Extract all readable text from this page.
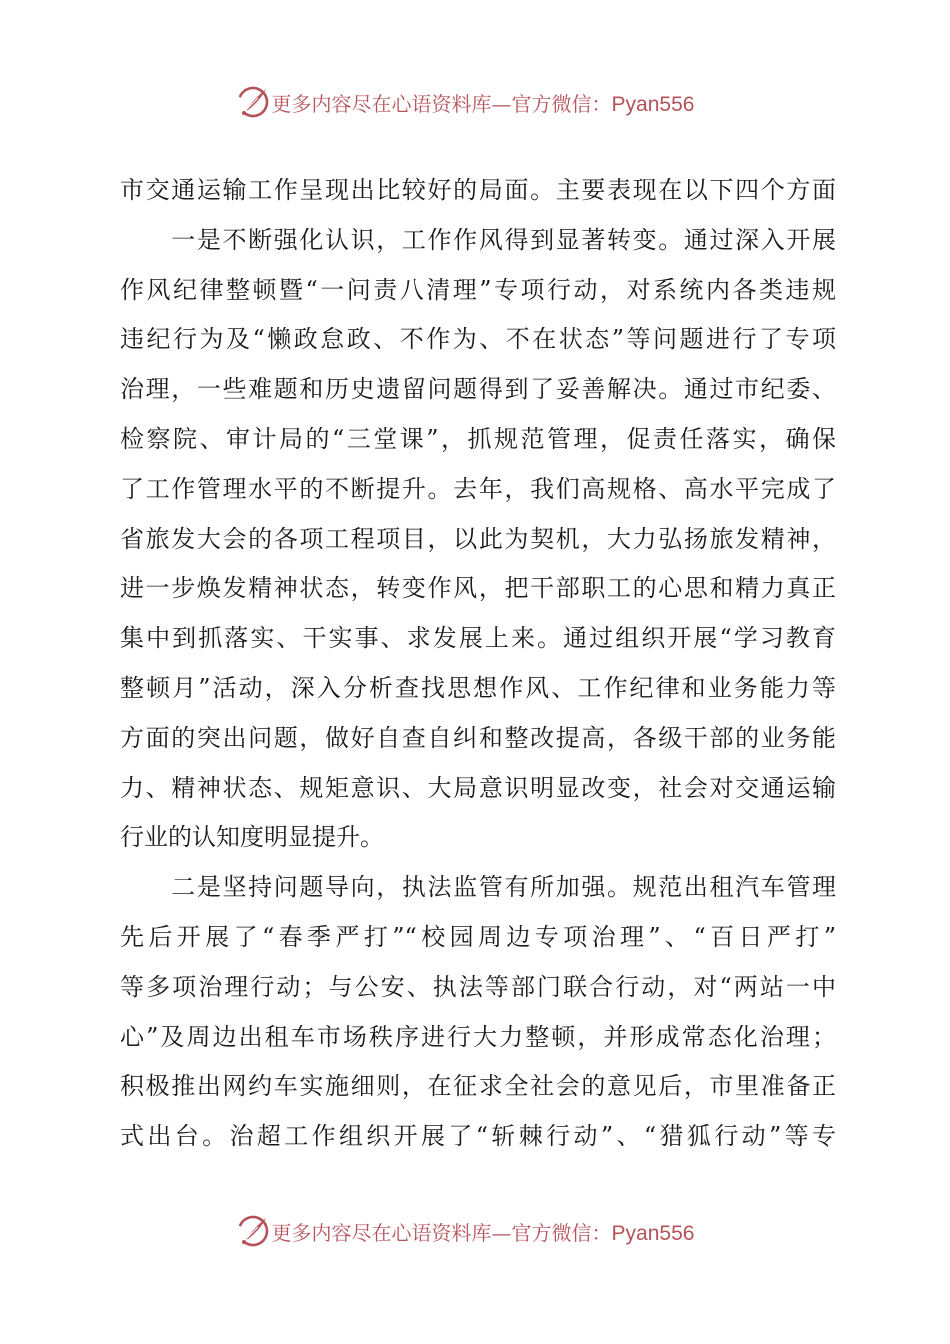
更多内容尽在心语资料库—官方微信：Pyan556
市交通运输工作呈现出比较好的局面。主要表现在以下四个方面
　　一是不断强化认识，工作作风得到显著转变。通过深入开展
作风纪律整顿暨“一问责八清理”专项行动，对系统内各类违规
违纪行为及“懒政怠政、不作为、不在状态”等问题进行了专项
治理，一些难题和历史遗留问题得到了妥善解决。通过市纪委、
检察院、审计局的“三堂课”，抓规范管理，促责任落实，确保
了工作管理水平的不断提升。去年，我们高规格、高水平完成了
省旅发大会的各项工程项目，以此为契机，大力弘扬旅发精神，
进一步焕发精神状态，转变作风，把干部职工的心思和精力真正
集中到抓落实、干实事、求发展上来。通过组织开展“学习教育
整顿月”活动，深入分析查找思想作风、工作纪律和业务能力等
方面的突出问题，做好自查自纠和整改提高，各级干部的业务能
力、精神状态、规矩意识、大局意识明显改变，社会对交通运输
行业的认知度明显提升。
　　二是坚持问题导向，执法监管有所加强。规范出租汽车管理
先后开展了“春季严打”“校园周边专项治理”、“百日严打”
等多项治理行动；与公安、执法等部门联合行动，对“两站一中
心”及周边出租车市场秩序进行大力整顿，并形成常态化治理；
积极推出网约车实施细则，在征求全社会的意见后，市里准备正
式出台。治超工作组织开展了“斩棘行动”、“猎狐行动”等专
更多内容尽在心语资料库—官方微信：Pyan556
